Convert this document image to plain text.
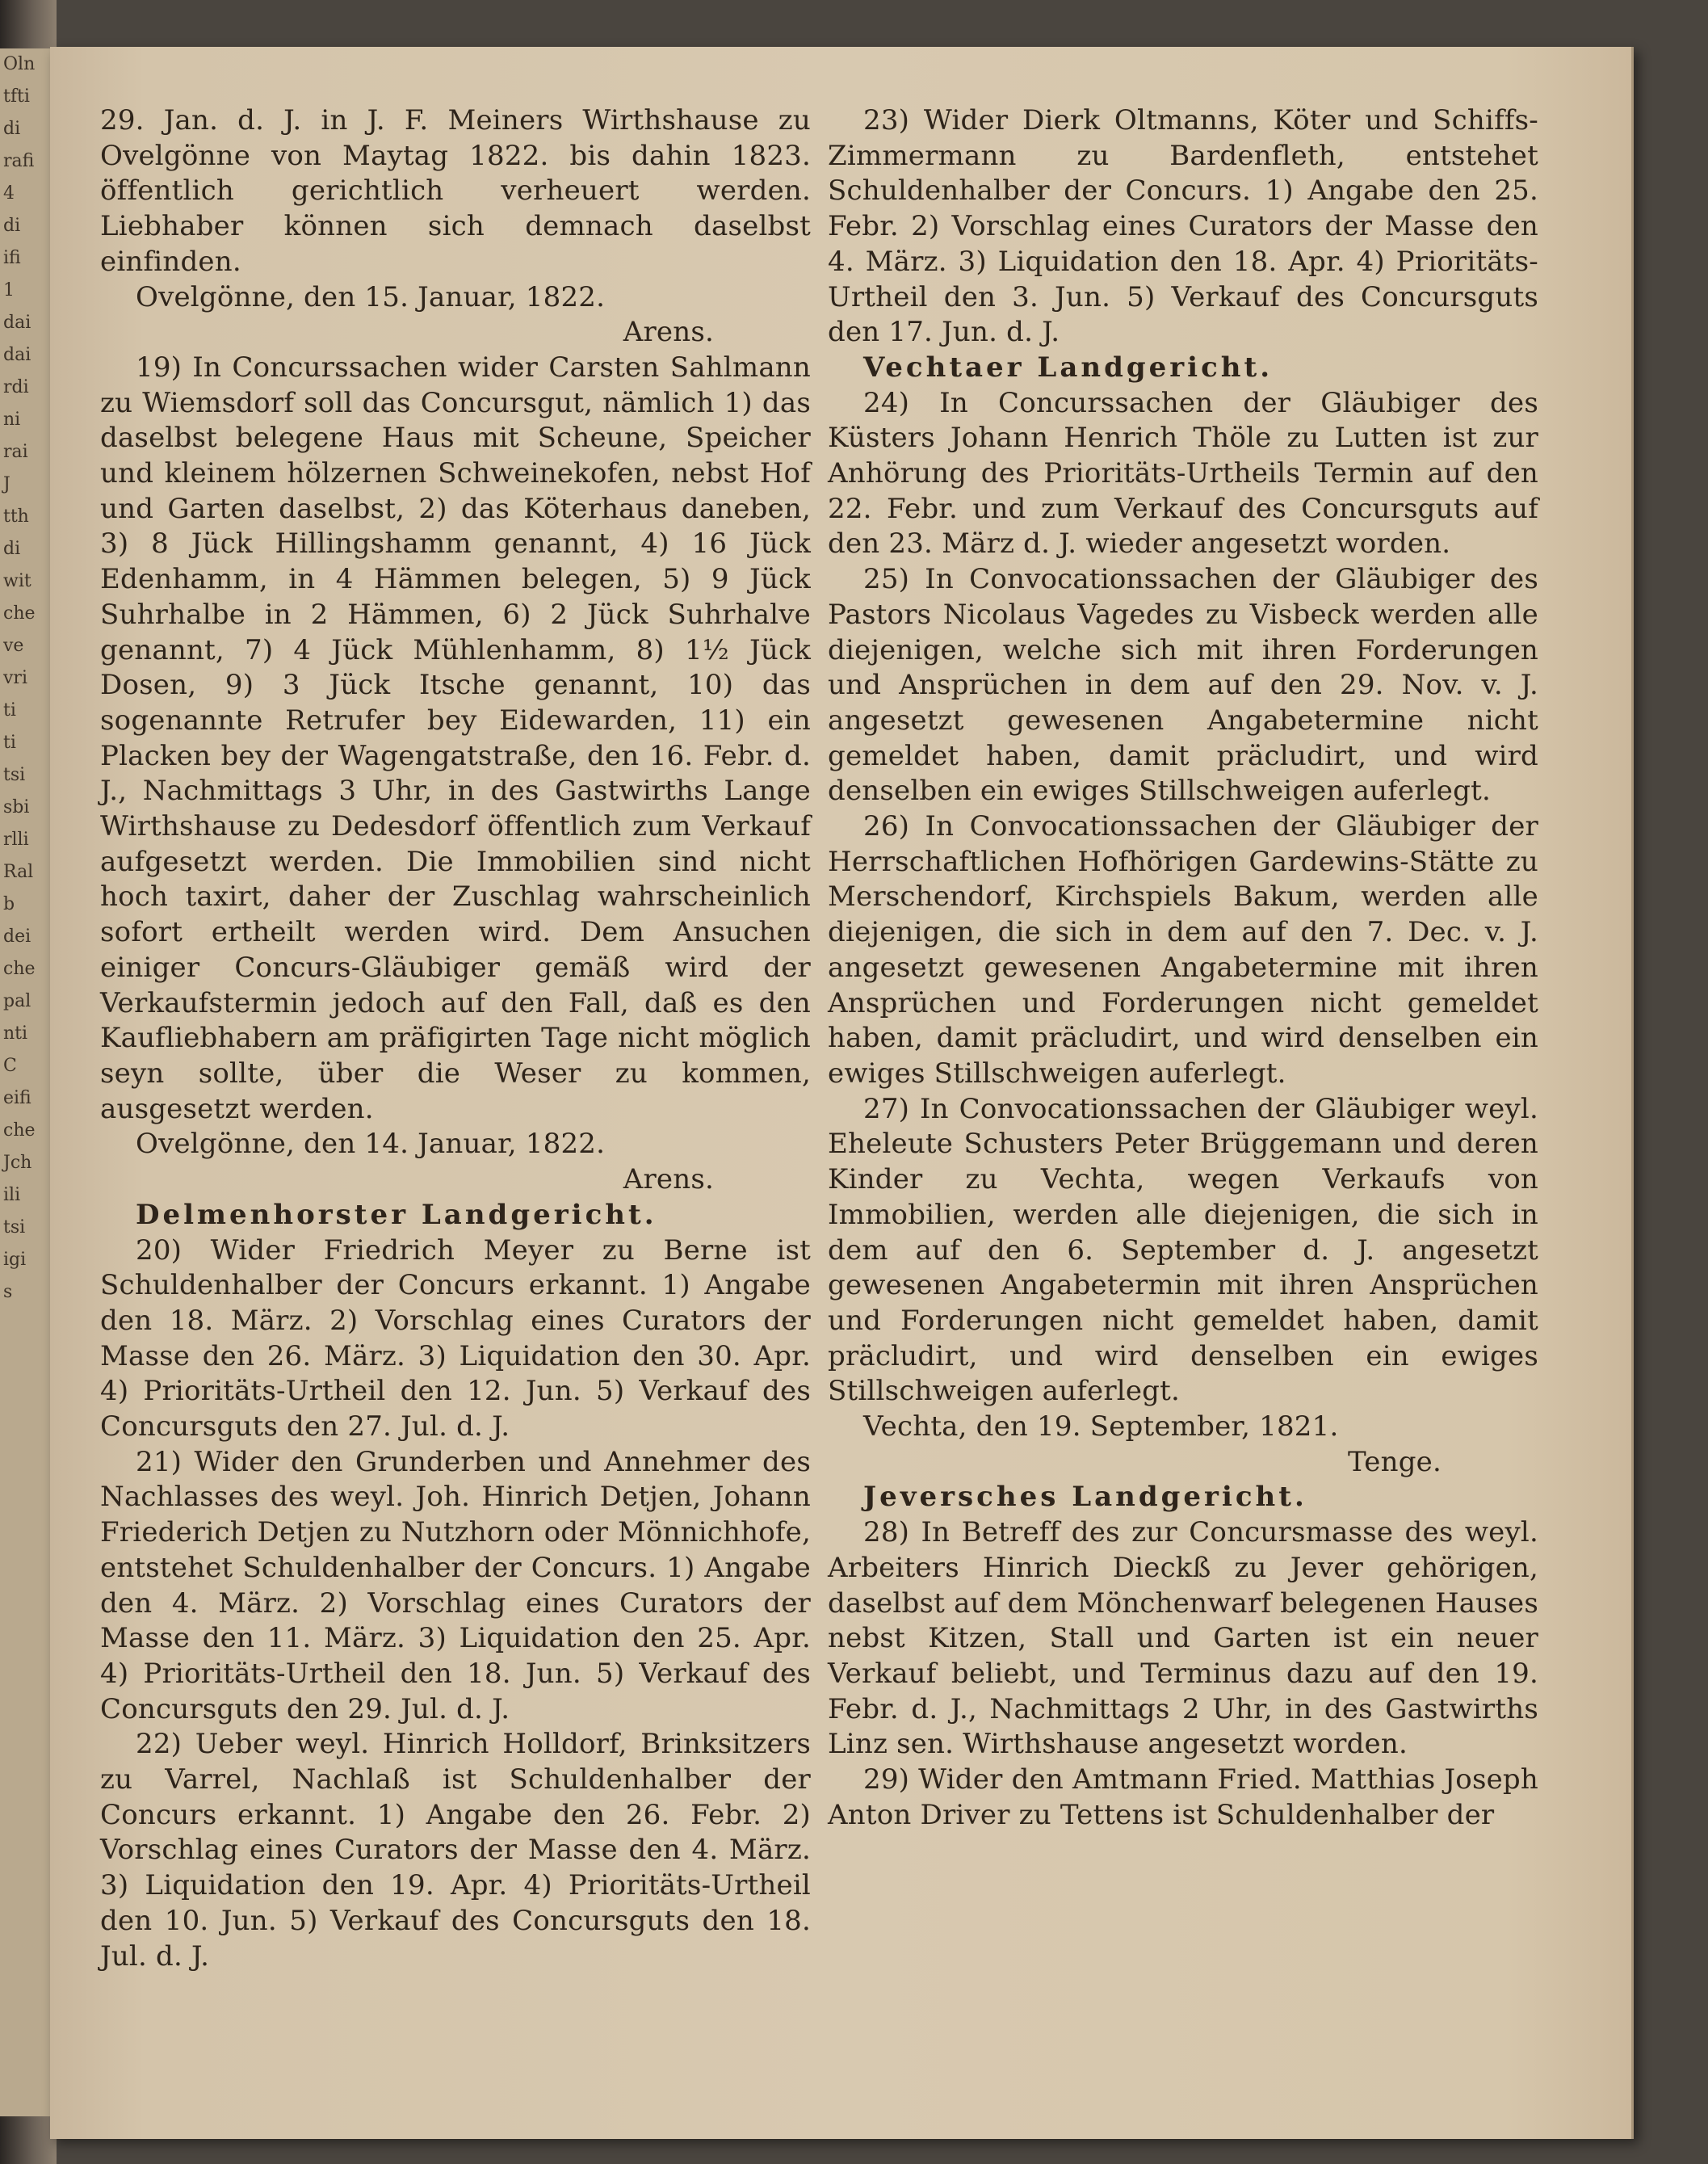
Oln
tfti
di
rafi
4
di
ifi
1
dai
dai
rdi
ni
rai
J
tth
di
wit
che
ve
vri
ti
ti
tsi
sbi
rlli
Ral
b
dei
che
pal
nti
C
eifi
che
Jch
ili
tsi
igi
s

29. Jan. d. J. in J. F. Meiners Wirthshause zu Ovelgönne von Maytag 1822. bis dahin 1823. öffentlich gerichtlich verheuert werden. Liebhaber können sich demnach daselbst einfinden.

Ovelgönne, den 15. Januar, 1822.

Arens.

19) In Concurssachen wider Carsten Sahlmann zu Wiemsdorf soll das Concursgut, nämlich 1) das daselbst belegene Haus mit Scheune, Speicher und kleinem hölzernen Schweinekofen, nebst Hof und Garten daselbst, 2) das Köterhaus daneben, 3) 8 Jück Hillingshamm genannt, 4) 16 Jück Edenhamm, in 4 Hämmen belegen, 5) 9 Jück Suhrhalbe in 2 Hämmen, 6) 2 Jück Suhrhalve genannt, 7) 4 Jück Mühlenhamm, 8) 1½ Jück Dosen, 9) 3 Jück Itsche genannt, 10) das sogenannte Retrufer bey Eidewarden, 11) ein Placken bey der Wagengatstraße, den 16. Febr. d. J., Nachmittags 3 Uhr, in des Gastwirths Lange Wirthshause zu Dedesdorf öffentlich zum Verkauf aufgesetzt werden. Die Immobilien sind nicht hoch taxirt, daher der Zuschlag wahrscheinlich sofort ertheilt werden wird. Dem Ansuchen einiger Concurs-Gläubiger gemäß wird der Verkaufstermin jedoch auf den Fall, daß es den Kaufliebhabern am präfigirten Tage nicht möglich seyn sollte, über die Weser zu kommen, ausgesetzt werden.

Ovelgönne, den 14. Januar, 1822.

Arens.

Delmenhorster Landgericht.

20) Wider Friedrich Meyer zu Berne ist Schuldenhalber der Concurs erkannt. 1) Angabe den 18. März. 2) Vorschlag eines Curators der Masse den 26. März. 3) Liquidation den 30. Apr. 4) Prioritäts-Urtheil den 12. Jun. 5) Verkauf des Concursguts den 27. Jul. d. J.

21) Wider den Grunderben und Annehmer des Nachlasses des weyl. Joh. Hinrich Detjen, Johann Friederich Detjen zu Nutzhorn oder Mönnichhofe, entstehet Schuldenhalber der Concurs. 1) Angabe den 4. März. 2) Vorschlag eines Curators der Masse den 11. März. 3) Liquidation den 25. Apr. 4) Prioritäts-Urtheil den 18. Jun. 5) Verkauf des Concursguts den 29. Jul. d. J.

22) Ueber weyl. Hinrich Holldorf, Brinksitzers zu Varrel, Nachlaß ist Schuldenhalber der Concurs erkannt. 1) Angabe den 26. Febr. 2) Vorschlag eines Curators der Masse den 4. März. 3) Liquidation den 19. Apr. 4) Prioritäts-Urtheil den 10. Jun. 5) Verkauf des Concursguts den 18. Jul. d. J.

23) Wider Dierk Oltmanns, Köter und Schiffs-Zimmermann zu Bardenfleth, entstehet Schuldenhalber der Concurs. 1) Angabe den 25. Febr. 2) Vorschlag eines Curators der Masse den 4. März. 3) Liquidation den 18. Apr. 4) Prioritäts-Urtheil den 3. Jun. 5) Verkauf des Concursguts den 17. Jun. d. J.

Vechtaer Landgericht.

24) In Concurssachen der Gläubiger des Küsters Johann Henrich Thöle zu Lutten ist zur Anhörung des Prioritäts-Urtheils Termin auf den 22. Febr. und zum Verkauf des Concursguts auf den 23. März d. J. wieder angesetzt worden.

25) In Convocationssachen der Gläubiger des Pastors Nicolaus Vagedes zu Visbeck werden alle diejenigen, welche sich mit ihren Forderungen und Ansprüchen in dem auf den 29. Nov. v. J. angesetzt gewesenen Angabetermine nicht gemeldet haben, damit präcludirt, und wird denselben ein ewiges Stillschweigen auferlegt.

26) In Convocationssachen der Gläubiger der Herrschaftlichen Hofhörigen Gardewins-Stätte zu Merschendorf, Kirchspiels Bakum, werden alle diejenigen, die sich in dem auf den 7. Dec. v. J. angesetzt gewesenen Angabetermine mit ihren Ansprüchen und Forderungen nicht gemeldet haben, damit präcludirt, und wird denselben ein ewiges Stillschweigen auferlegt.

27) In Convocationssachen der Gläubiger weyl. Eheleute Schusters Peter Brüggemann und deren Kinder zu Vechta, wegen Verkaufs von Immobilien, werden alle diejenigen, die sich in dem auf den 6. September d. J. angesetzt gewesenen Angabetermin mit ihren Ansprüchen und Forderungen nicht gemeldet haben, damit präcludirt, und wird denselben ein ewiges Stillschweigen auferlegt.

Vechta, den 19. September, 1821.

Tenge.

Jeversches Landgericht.

28) In Betreff des zur Concursmasse des weyl. Arbeiters Hinrich Dieckß zu Jever gehörigen, daselbst auf dem Mönchenwarf belegenen Hauses nebst Kitzen, Stall und Garten ist ein neuer Verkauf beliebt, und Terminus dazu auf den 19. Febr. d. J., Nachmittags 2 Uhr, in des Gastwirths Linz sen. Wirthshause angesetzt worden.

29) Wider den Amtmann Fried. Matthias Joseph Anton Driver zu Tettens ist Schuldenhalber der
